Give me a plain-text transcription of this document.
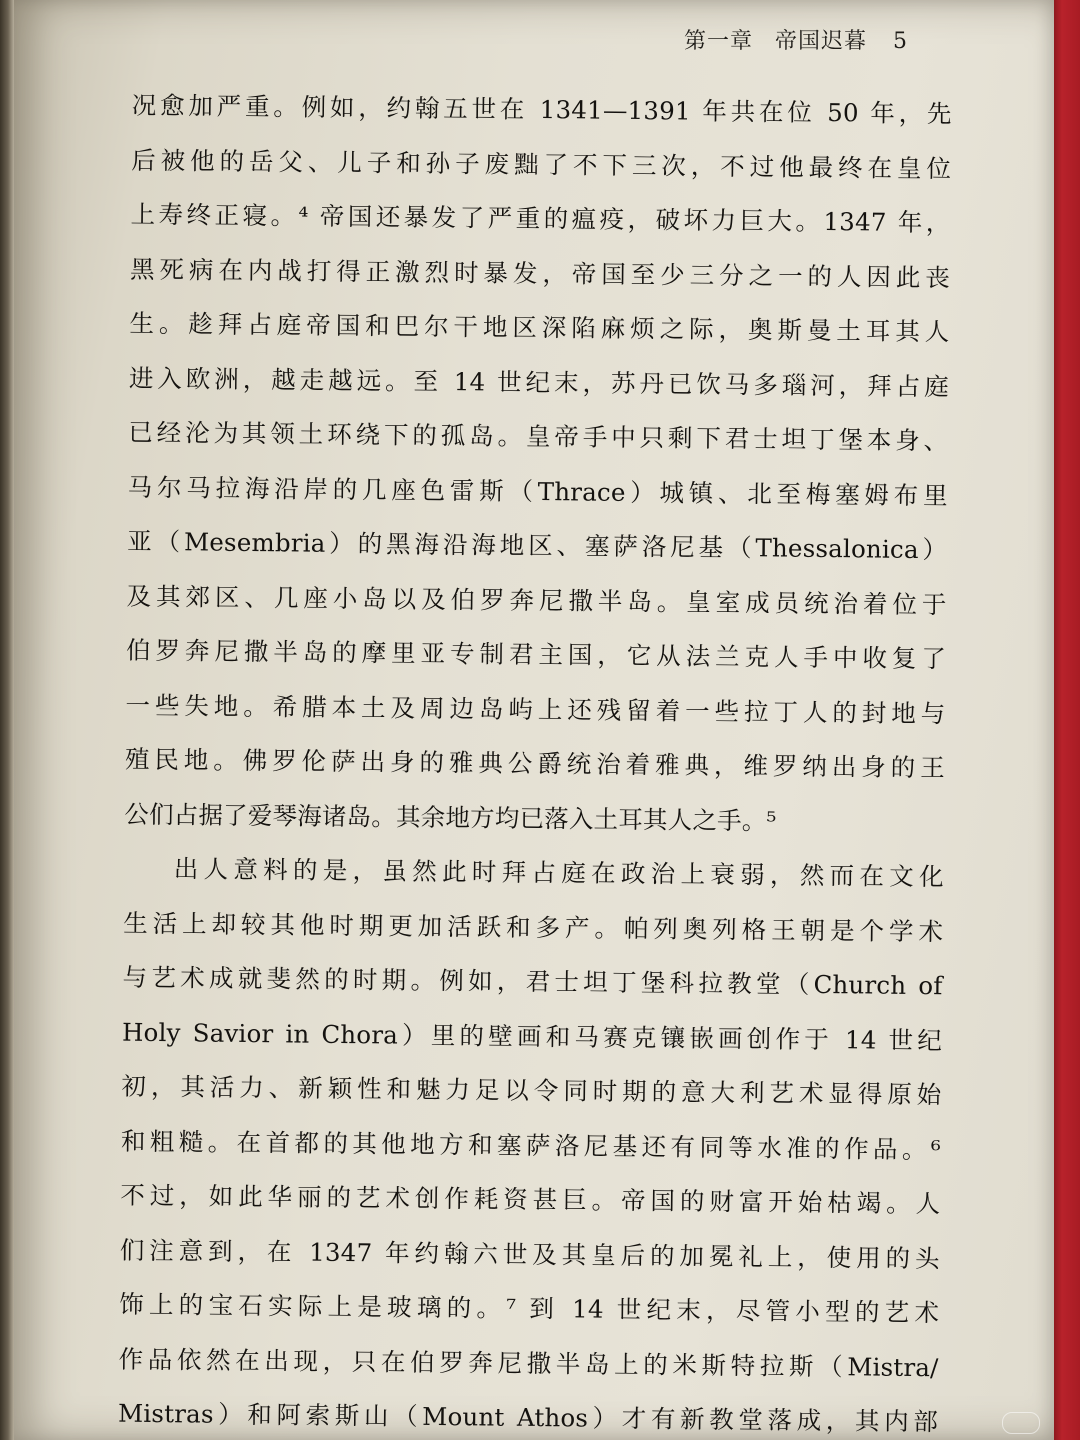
第一章 帝国迟暮 5
况愈加严重。例如，约翰五世在 1341—1391 年共在位 50 年，先
后被他的岳父、儿子和孙子废黜了不下三次，不过他最终在皇位
上寿终正寝。⁴ 帝国还暴发了严重的瘟疫，破坏力巨大。1347 年，
黑死病在内战打得正激烈时暴发，帝国至少三分之一的人因此丧
生。趁拜占庭帝国和巴尔干地区深陷麻烦之际，奥斯曼土耳其人
进入欧洲，越走越远。至 14 世纪末，苏丹已饮马多瑙河，拜占庭
已经沦为其领土环绕下的孤岛。皇帝手中只剩下君士坦丁堡本身、
马尔马拉海沿岸的几座色雷斯（Thrace）城镇、北至梅塞姆布里
亚（Mesembria）的黑海沿海地区、塞萨洛尼基（Thessalonica）
及其郊区、几座小岛以及伯罗奔尼撒半岛。皇室成员统治着位于
伯罗奔尼撒半岛的摩里亚专制君主国，它从法兰克人手中收复了
一些失地。希腊本土及周边岛屿上还残留着一些拉丁人的封地与
殖民地。佛罗伦萨出身的雅典公爵统治着雅典，维罗纳出身的王
公们占据了爱琴海诸岛。其余地方均已落入土耳其人之手。⁵
出人意料的是，虽然此时拜占庭在政治上衰弱，然而在文化
生活上却较其他时期更加活跃和多产。帕列奥列格王朝是个学术
与艺术成就斐然的时期。例如，君士坦丁堡科拉教堂（Church of
Holy Savior in Chora）里的壁画和马赛克镶嵌画创作于 14 世纪
初，其活力、新颖性和魅力足以令同时期的意大利艺术显得原始
和粗糙。在首都的其他地方和塞萨洛尼基还有同等水准的作品。⁶
不过，如此华丽的艺术创作耗资甚巨。帝国的财富开始枯竭。人
们注意到，在 1347 年约翰六世及其皇后的加冕礼上，使用的头
饰上的宝石实际上是玻璃的。⁷ 到 14 世纪末，尽管小型的艺术
作品依然在出现，只在伯罗奔尼撒半岛上的米斯特拉斯（Mistra/
Mistras）和阿索斯山（Mount Athos）才有新教堂落成，其内部
